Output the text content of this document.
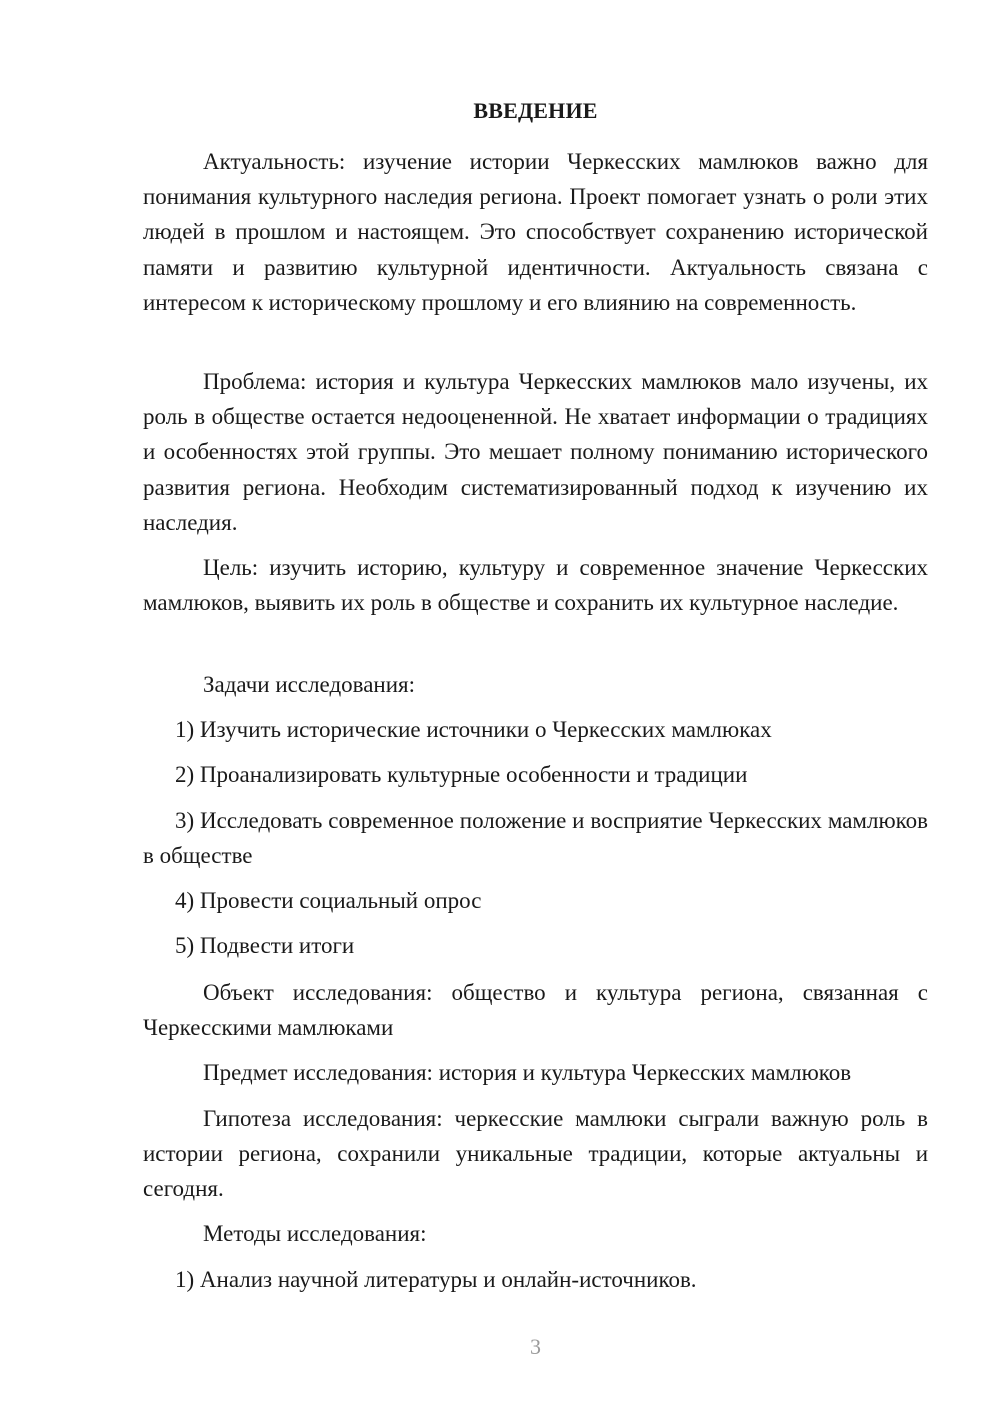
ВВЕДЕНИЕ

Актуальность: изучение истории Черкесских мамлюков важно для понимания культурного наследия региона. Проект помогает узнать о роли этих людей в прошлом и настоящем. Это способствует сохранению исторической памяти и развитию культурной идентичности. Актуальность связана с интересом к историческому прошлому и его влиянию на современность.

Проблема: история и культура Черкесских мамлюков мало изучены, их роль в обществе остается недооцененной. Не хватает информации о традициях и особенностях этой группы. Это мешает полному пониманию исторического развития региона. Необходим систематизированный подход к изучению их наследия.

Цель: изучить историю, культуру и современное значение Черкесских мамлюков, выявить их роль в обществе и сохранить их культурное наследие.

Задачи исследования:

1) Изучить исторические источники о Черкесских мамлюках

2) Проанализировать культурные особенности и традиции

3) Исследовать современное положение и восприятие Черкесских мамлюков в обществе

4) Провести социальный опрос

5) Подвести итоги

Объект исследования: общество и культура региона, связанная с Черкесскими мамлюками

Предмет исследования: история и культура Черкесских мамлюков

Гипотеза исследования: черкесские мамлюки сыграли важную роль в истории региона, сохранили уникальные традиции, которые актуальны и сегодня.

Методы исследования:

1) Анализ научной литературы и онлайн-источников.

3
